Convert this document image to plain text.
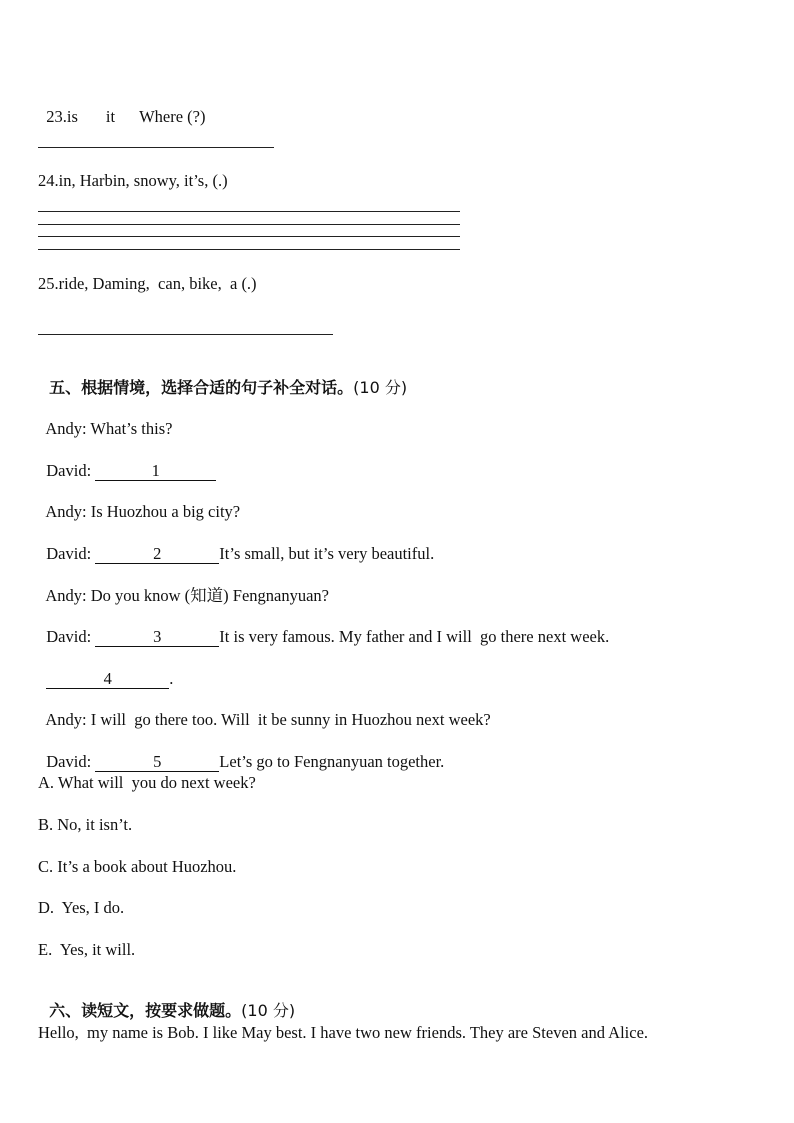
23.is it Where (?)

24.in, Harbin, snowy, it’s, (.)
25.ride, Daming,  can, bike,  a (.)

五、根据情境，选择合适的句子补全对话。(10 分)

Andy: What’s this?

David:	1

Andy: Is Huozhou a big city?

David:	2	It’s small, but it’s very beautiful.

Andy: Do you know (知道) Fengnanyuan?

David:	3	It is very famous. My father and I will  go there next week.

4	.

Andy: I will  go there too. Will  it be sunny in Huozhou next week?

David:	5	Let’s go to Fengnanyuan together.

A. What will  you do next week?
B. No, it isn’t.
C. It’s a book about Huozhou.
D.  Yes, I do.
E.  Yes, it will.

六、读短文，按要求做题。(10 分)

Hello,  my name is Bob. I like May best. I have two new friends. They are Steven and Alice.
